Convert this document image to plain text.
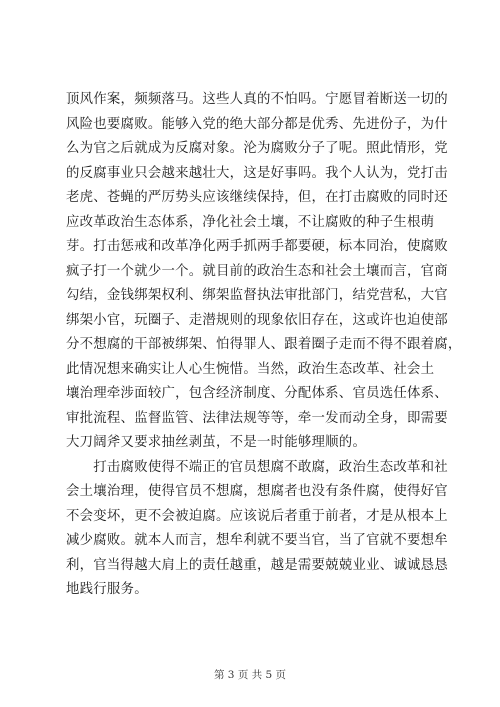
顶风作案，频频落马。这些人真的不怕吗。宁愿冒着断送一切的
风险也要腐败。能够入党的绝大部分都是优秀、先进份子，为什
么为官之后就成为反腐对象。沦为腐败分子了呢。照此情形，党
的反腐事业只会越来越壮大，这是好事吗。我个人认为，党打击
老虎、苍蝇的严厉势头应该继续保持，但，在打击腐败的同时还
应改革政治生态体系，净化社会土壤，不让腐败的种子生根萌
芽。打击惩戒和改革净化两手抓两手都要硬，标本同治，使腐败
疯子打一个就少一个。就目前的政治生态和社会土壤而言，官商
勾结，金钱绑架权利、绑架监督执法审批部门，结党营私，大官
绑架小官，玩圈子、走潜规则的现象依旧存在，这或许也迫使部
分不想腐的干部被绑架、怕得罪人、跟着圈子走而不得不跟着腐，
此情况想来确实让人心生惋惜。当然，政治生态改革、社会土
壤治理牵涉面较广，包含经济制度、分配体系、官员选任体系、
审批流程、监督监管、法律法规等等，牵一发而动全身，即需要
大刀阔斧又要求抽丝剥茧，不是一时能够理顺的。
　　打击腐败使得不端正的官员想腐不敢腐，政治生态改革和社
会土壤治理，使得官员不想腐，想腐者也没有条件腐，使得好官
不会变坏，更不会被迫腐。应该说后者重于前者，才是从根本上
减少腐败。就本人而言，想牟利就不要当官，当了官就不要想牟
利，官当得越大肩上的责任越重，越是需要兢兢业业、诚诚恳恳
地践行服务。
第 3 页 共 5 页
